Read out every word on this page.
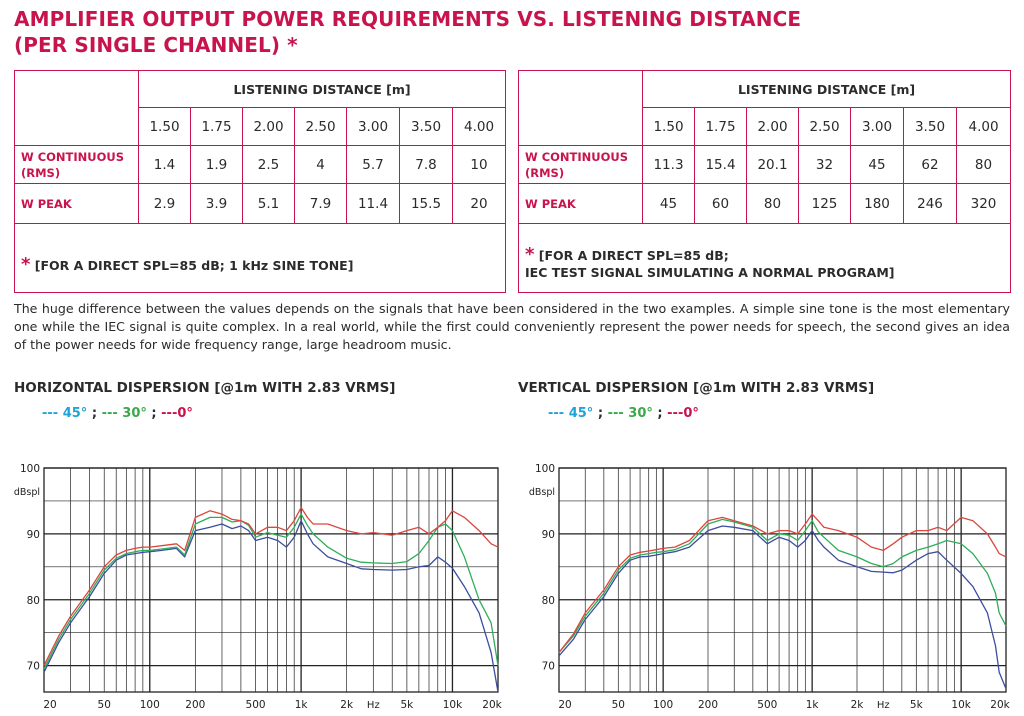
AMPLIFIER OUTPUT POWER REQUIREMENTS VS. LISTENING DISTANCE
(PER SINGLE CHANNEL) *
	LISTENING DISTANCE [m]						
	1.50	1.75	2.00	2.50	3.00	3.50	4.00

W CONTINUOUS
(RMS)	1.4	1.9	2.5	4	5.7	7.8	10

W PEAK	2.9	3.9	5.1	7.9	11.4	15.5	20

* [FOR A DIRECT SPL=85 dB; 1 kHz SINE TONE]							
	LISTENING DISTANCE [m]						
	1.50	1.75	2.00	2.50	3.00	3.50	4.00

W CONTINUOUS
(RMS)	11.3	15.4	20.1	32	45	62	80

W PEAK	45	60	80	125	180	246	320

* [FOR A DIRECT SPL=85 dB;
IEC TEST SIGNAL SIMULATING A NORMAL PROGRAM]							
The huge difference between the values depends on the signals that have been considered in the two examples. A simple sine tone is the most elementary one while the IEC signal is quite complex. In a real world, while the first could conveniently represent the power needs for speech, the second gives an idea of the power needs for wide frequency range, large headroom music.
HORIZONTAL DISPERSION [@1m WITH 2.83 VRMS]
--- 45° ; --- 30° ; ---0°
VERTICAL DISPERSION [@1m WITH 2.83 VRMS]
--- 45° ; --- 30° ; ---0°
100
90
80
70
dBspl
20	50	100 200	500	1k	2k	5k	10k 20k
Hz
100
90
80
70
dBspl
20	50	100 200	500	1k	2k	5k	10k 20k
Hz
